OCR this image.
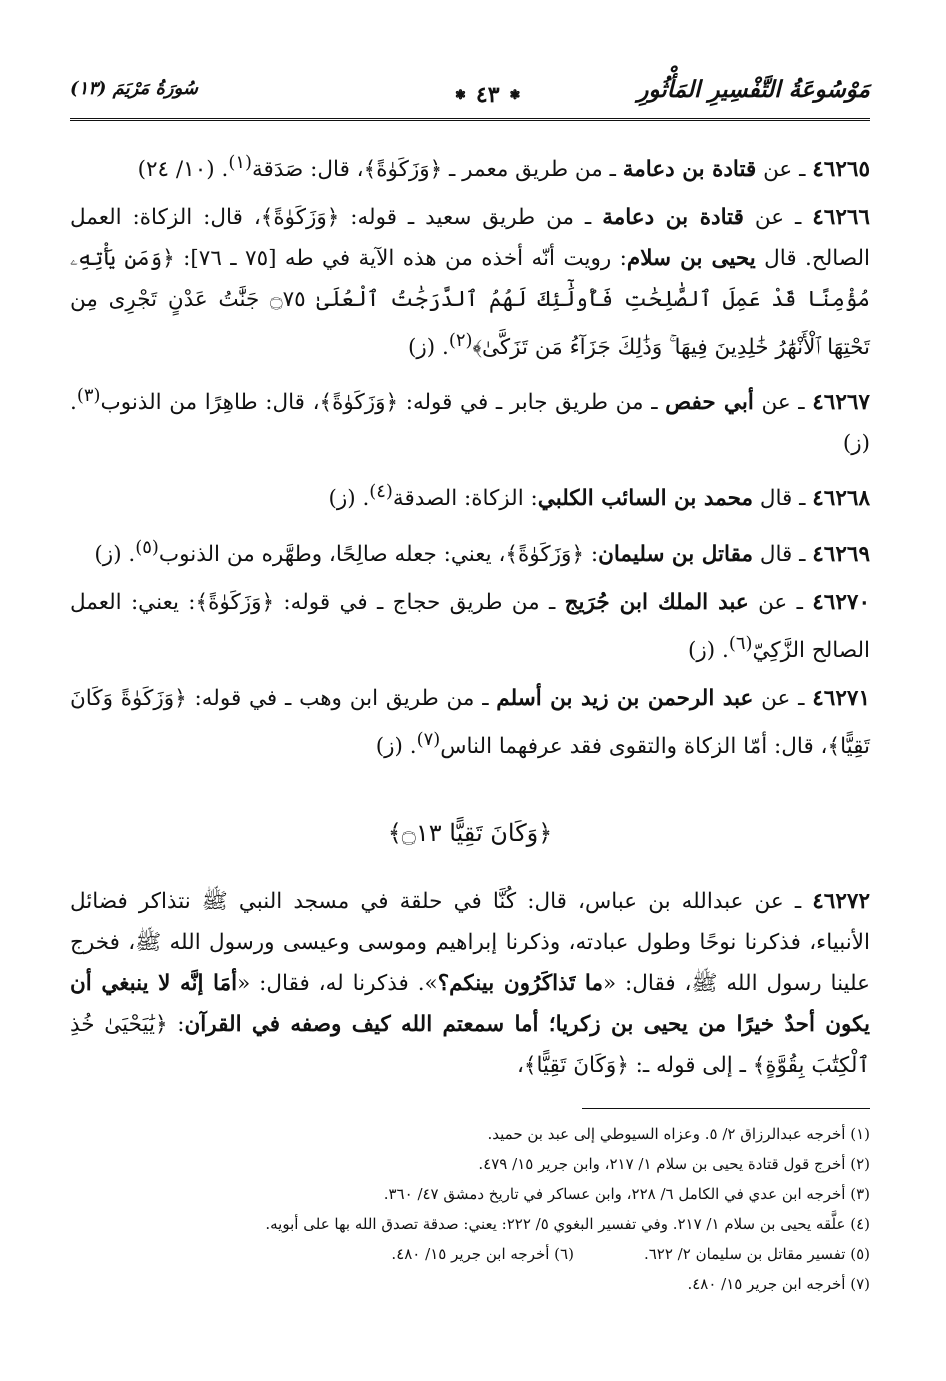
مَوْسُوعَةُ التَّفْسِيرِ المَأْثُورِ
❃
٤٣
❃
سُورَةُ مَرْيَمَ (١٣)

٤٦٢٦٥ ـ عن قتادة بن دعامة ـ من طريق معمر ـ ﴿وَزَكَوٰةً﴾، قال: صَدَقة$^{(١)}$. (١٠/ ٢٤)

٤٦٢٦٦ ـ عن قتادة بن دعامة ـ من طريق سعيد ـ قوله: ﴿وَزَكَوٰةً﴾، قال: الزكاة: العمل الصالح. قال يحيى بن سلام: رويت أنّه أخذه من هذه الآية في طه [٧٥ ـ ٧٦]: ﴿وَمَن يَأْتِهِۦ مُؤْمِنًا قَدْ عَمِلَ ٱلصَّٰلِحَٰتِ فَأُولَٰٓئِكَ لَهُمُ ٱلدَّرَجَٰتُ ٱلْعُلَىٰ ۝٧٥ جَنَّٰتُ عَدْنٍ تَجْرِى مِن تَحْتِهَا ٱلْأَنْهَٰرُ خَٰلِدِينَ فِيهَا ۚ وَذَٰلِكَ جَزَآءُ مَن تَزَكَّىٰ﴾$^{(٢)}$. (ز)

٤٦٢٦٧ ـ عن أبي حفص ـ من طريق جابر ـ في قوله: ﴿وَزَكَوٰةً﴾، قال: طاهِرًا من الذنوب$^{(٣)}$. (ز)

٤٦٢٦٨ ـ قال محمد بن السائب الكلبي: الزكاة: الصدقة$^{(٤)}$. (ز)

٤٦٢٦٩ ـ قال مقاتل بن سليمان: ﴿وَزَكَوٰةً﴾، يعني: جعله صالِحًا، وطهَّره من الذنوب$^{(٥)}$. (ز)

٤٦٢٧٠ ـ عن عبد الملك ابن جُرَيج ـ من طريق حجاج ـ في قوله: ﴿وَزَكَوٰةً﴾: يعني: العمل الصالح الزَّكِيّ$^{(٦)}$. (ز)

٤٦٢٧١ ـ عن عبد الرحمن بن زيد بن أسلم ـ من طريق ابن وهب ـ في قوله: ﴿وَزَكَوٰةً وَكَانَ تَقِيًّا﴾، قال: أمّا الزكاة والتقوى فقد عرفهما الناس$^{(٧)}$. (ز)

﴿وَكَانَ تَقِيًّا ۝١٣﴾

٤٦٢٧٢ ـ عن عبدالله بن عباس، قال: كُنَّا في حلقة في مسجد النبي ﷺ نتذاكر فضائل الأنبياء، فذكرنا نوحًا وطول عبادته، وذكرنا إبراهيم وموسى وعيسى ورسول الله ﷺ، فخرج علينا رسول الله ﷺ، فقال: «ما تَذاكَرُون بينكم؟». فذكرنا له، فقال: «أمَا إنَّه لا ينبغي أن يكون أحدٌ خيرًا من يحيى بن زكريا؛ أما سمعتم الله كيف وصفه في القرآن: ﴿يَٰيَحْيَىٰ خُذِ ٱلْكِتَٰبَ بِقُوَّةٍ﴾ ـ إلى قوله ـ: ﴿وَكَانَ تَقِيًّا﴾،

(١) أخرجه عبدالرزاق ٢/ ٥. وعزاه السيوطي إلى عبد بن حميد.

(٢) أخرج قول قتادة يحيى بن سلام ١/ ٢١٧، وابن جرير ١٥/ ٤٧٩.

(٣) أخرجه ابن عدي في الكامل ٦/ ٢٢٨، وابن عساكر في تاريخ دمشق ٤٧/ ٣٦٠.

(٤) علَّقه يحيى بن سلام ١/ ٢١٧. وفي تفسير البغوي ٥/ ٢٢٢: يعني: صدقة تصدق الله بها على أبويه.

(٥) تفسير مقاتل بن سليمان ٢/ ٦٢٢.
(٦) أخرجه ابن جرير ١٥/ ٤٨٠.

(٧) أخرجه ابن جرير ١٥/ ٤٨٠.
